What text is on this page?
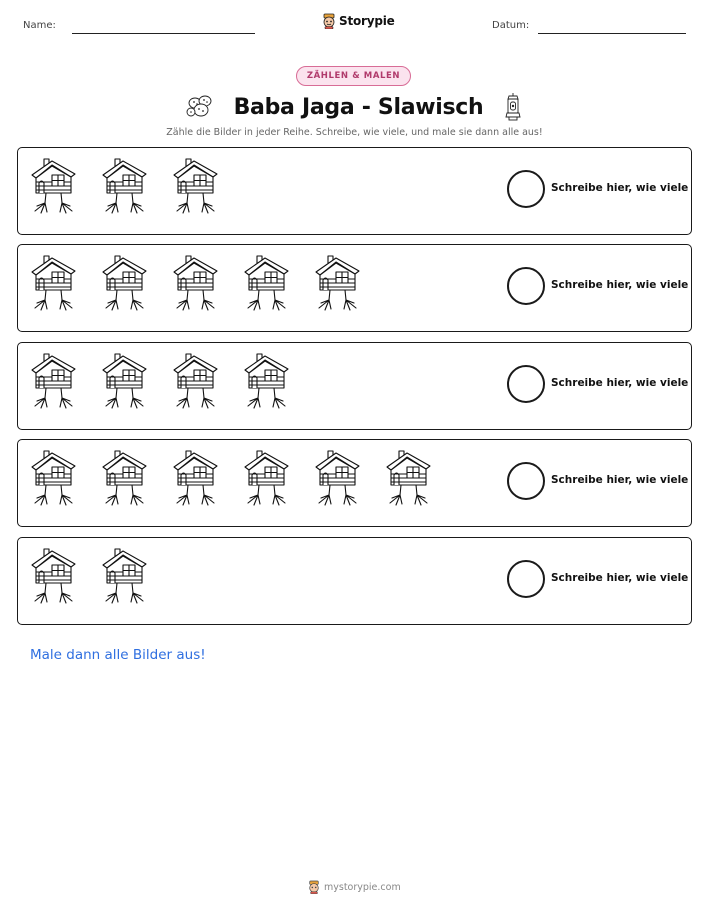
Name:	Storypie	Datum:
ZÄHLEN & MALEN
Baba Jaga - Slawisch
Zähle die Bilder in jeder Reihe. Schreibe, wie viele, und male sie dann alle aus!
Schreibe hier, wie viele
Schreibe hier, wie viele
Schreibe hier, wie viele
Schreibe hier, wie viele
Schreibe hier, wie viele
Male dann alle Bilder aus!
mystorypie.com
